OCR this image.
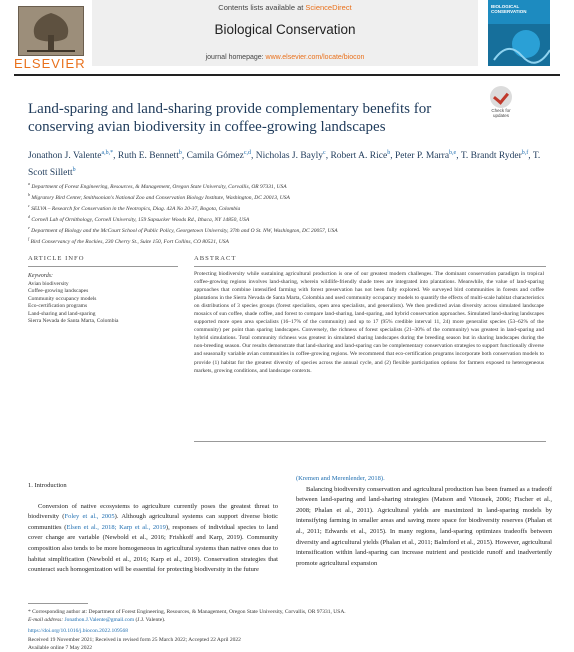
ELSEVIER
Contents lists available at ScienceDirect
Biological Conservation
journal homepage: www.elsevier.com/locate/biocon
BIOLOGICAL CONSERVATION
Land-sparing and land-sharing provide complementary benefits for conserving avian biodiversity in coffee-growing landscapes
Check for updates
Jonathon J. Valente$^{a,b,*}$, Ruth E. Bennett$^b$, Camila Gómez$^{c,d}$, Nicholas J. Bayly$^c$, Robert A. Rice$^b$, Peter P. Marra$^{b,e}$, T. Brandt Ryder$^{b,f}$, T. Scott Sillett$^b$
$^a$ Department of Forest Engineering, Resources, & Management, Oregon State University, Corvallis, OR 97331, USA
$^b$ Migratory Bird Center, Smithsonian's National Zoo and Conservation Biology Institute, Washington, DC 20013, USA
$^c$ SELVA – Research for Conservation in the Neotropics, Diag. 42A No 20-37, Bogota, Colombia
$^d$ Cornell Lab of Ornithology, Cornell University, 159 Sapsucker Woods Rd., Ithaca, NY 14850, USA
$^e$ Department of Biology and the McCourt School of Public Policy, Georgetown University, 37th and O St. NW, Washington, DC 20057, USA
$^f$ Bird Conservancy of the Rockies, 230 Cherry St., Suite 150, Fort Collins, CO 80521, USA
ARTICLE INFO	ABSTRACT
Keywords:
Avian biodiversity
Coffee-growing landscapes
Community occupancy models
Eco-certification programs
Land-sharing and land-sparing
Sierra Nevada de Santa Marta, Colombia
Protecting biodiversity while sustaining agricultural production is one of our greatest modern challenges. The dominant conservation paradigm in tropical coffee-growing regions involves land-sharing, wherein wildlife-friendly shade trees are integrated into plantations. Meanwhile, the value of land-sparing approaches that combine intensified farming with forest preservation has not been fully explored. We surveyed bird communities in forests and coffee plantations in the Sierra Nevada de Santa Marta, Colombia and used community occupancy models to quantify the effects of multi-scale habitat characteristics on distributions of 3 species groups (forest specialists, open area specialists, and generalists). We then predicted avian diversity across simulated landscape mosaics of sun coffee, shade coffee, and forest to compare land-sharing, land-sparing, and hybrid conservation approaches. Simulated land-sharing landscapes supported more open area specialists (16–17% of the community) and up to 17 (95% credible interval 11, 24) more generalist species (53–62% of the community) per point than sparing landscapes. Conversely, the richness of forest specialists (21–30% of the community) was greatest in land-sparing and hybrid simulations. Total community richness was greatest in simulated sharing landscapes during the breeding season but in sharing landscapes during the non-breeding season. Our results demonstrate that land-sharing and land-sparing can be complementary conservation strategies to support functionally diverse and seasonally variable avian communities in coffee-growing regions. We recommend that eco-certification programs incorporate both conservation models to provide (1) habitat for the greatest diversity of species across the annual cycle, and (2) flexible participation options for farmers exposed to heterogeneous markets, growing conditions, and landscape contexts.
1. Introduction
Conversion of native ecosystems to agriculture currently poses the greatest threat to biodiversity (Foley et al., 2005). Although agricultural systems can support diverse biotic communities (Elsen et al., 2018; Karp et al., 2019), responses of individual species to land cover change are variable (Newbold et al., 2016; Frishkoff and Karp, 2019). Community composition also tends to be more homogeneous in agricultural systems than native ones due to habitat simplification (Newbold et al., 2016; Karp et al., 2019). Conservation strategies that counteract such homogenization will be essential for protecting biodiversity in the future
(Kremen and Merenlender, 2018).
Balancing biodiversity conservation and agricultural production has been framed as a tradeoff between land-sparing and land-sharing strategies (Matson and Vitousek, 2006; Fischer et al., 2008; Phalan et al., 2011). Agricultural yields are maximized in land-sparing models by intensifying farming in smaller areas and saving more space for biodiversity reserves (Phalan et al., 2011; Edwards et al., 2015). In many regions, land-sparing optimizes tradeoffs between diversity and agricultural yields (Phalan et al., 2011; Balmford et al., 2015). However, agricultural intensification within land-sparing can increase nutrient and pesticide runoff and inadvertently promote agricultural expansion
* Corresponding author at: Department of Forest Engineering, Resources, & Management, Oregon State University, Corvallis, OR 97331, USA.
E-mail address: Jonathon.J.Valente@gmail.com (J.J. Valente).
https://doi.org/10.1016/j.biocon.2022.109568
Received 19 November 2021; Received in revised form 25 March 2022; Accepted 22 April 2022
Available online 7 May 2022
